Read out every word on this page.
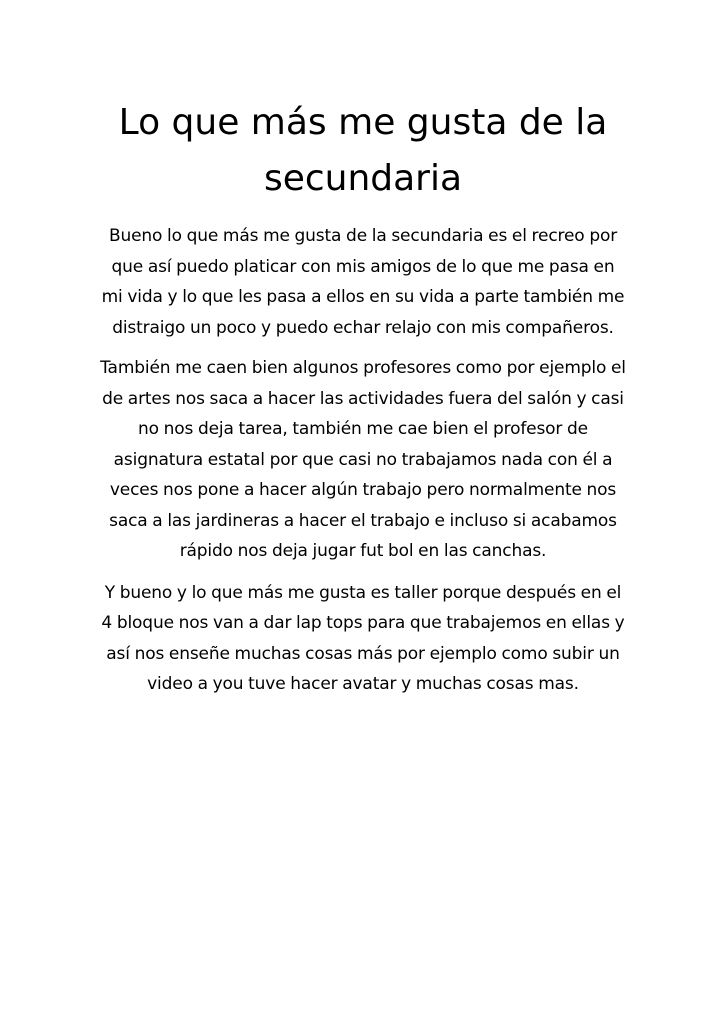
Lo que más me gusta de la secundaria

Bueno lo que más me gusta de la secundaria es el recreo por que así puedo platicar con mis amigos de lo que me pasa en mi vida y lo que les pasa a ellos en su vida a parte también me distraigo un poco y puedo echar relajo con mis compañeros.

También me caen bien algunos profesores como por ejemplo el de artes nos saca a hacer las actividades fuera del salón y casi no nos deja tarea, también me cae bien el profesor de asignatura estatal por que casi no trabajamos nada con él a veces nos pone a hacer algún trabajo pero normalmente nos saca a las jardineras a hacer el trabajo e incluso si acabamos rápido nos deja jugar fut bol en las canchas.

Y bueno y lo que más me gusta es taller porque después en el 4 bloque nos van a dar lap tops para que trabajemos en ellas y así nos enseñe muchas cosas más por ejemplo como subir un video a you tuve hacer avatar y muchas cosas mas.
